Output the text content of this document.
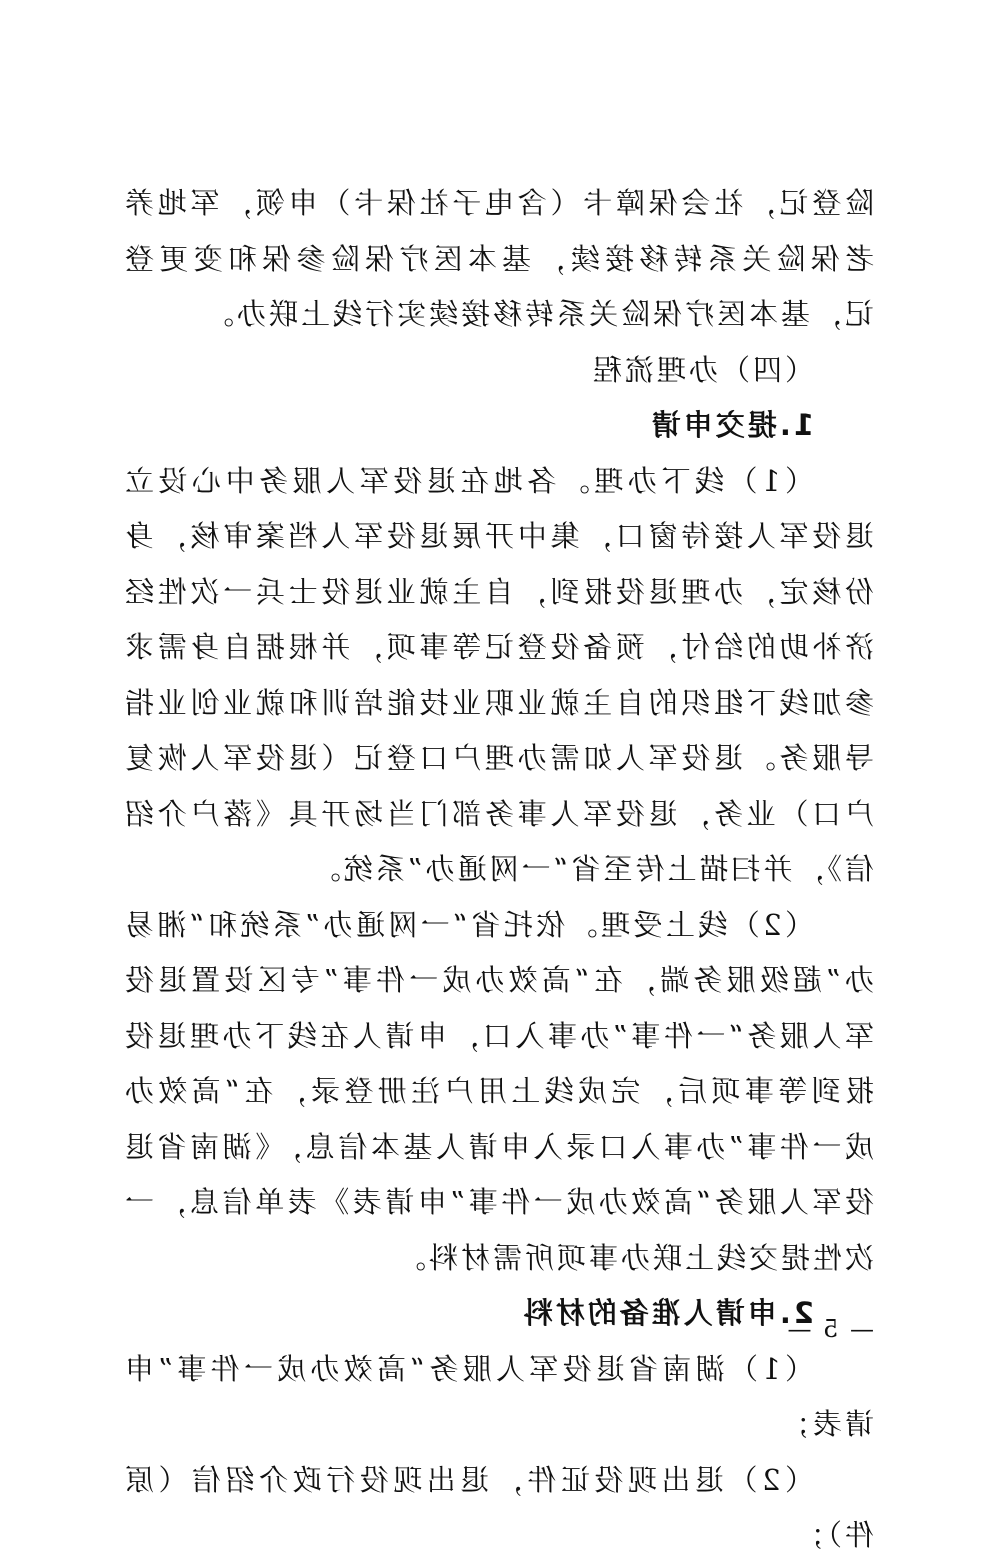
险登记，社会保障卡（含电子社保卡）申领，军地养老保险关系转移接续，基本医疗保险参保和变更登记，基本医疗保险关系转移接续实行线上联办。

（四）办理流程

1.提交申请

（1）线下办理。各地在退役军人服务中心设立退役军人接待窗口，集中开展退役军人档案审核，身份核定，办理退役报到，自主就业退役士兵一次性经济补助的给付，预备役登记等事项，并根据自身需求参加线下组织的自主就业职业技能培训和就业创业指导服务。退役军人如需办理户口登记（退役军人恢复户口）业务，退役军人事务部门当场开具《落户介绍信》，并扫描上传至省“一网通办”系统。

（2）线上受理。依托省“一网通办”系统和“湘易办”超级服务端，在“高效办成一件事”专区设置退役军人服务“一件事”办事入口，申请人在线下办理退役报到等事项后，完成线上用户注册登录，在“高效办成一件事”办事入口录入申请人基本信息，《湖南省退役军人服务“高效办成一件事”申请表》表单信息，一次性提交线上联办事项所需材料。

2.申请人准备的材料

（1）湖南省退役军人服务“高效办成一件事”申请表；

（2）退出现役证件，退出现役行政介绍信（原件）；

— 5 —
